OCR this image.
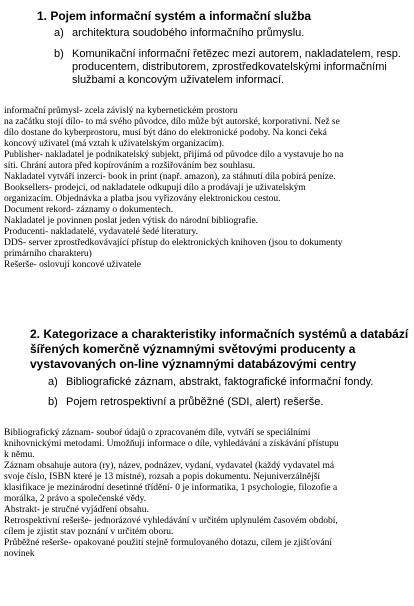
1. Pojem informační systém a informační služba
a) architektura soudobého informačního průmyslu.
b) Komunikační informační řetězec mezi autorem, nakladatelem, resp.
producentem, distributorem, zprostředkovatelskými informačními
službami a koncovým uživatelem informací.
informační průmysl- zcela závislý na kybernetickém prostoru
na začátku stojí dílo- to má svého původce, dílo může být autorské, korporativní. Než se
dílo dostane do kyberprostoru, musí být dáno do elektronické podoby. Na konci čeká
koncový uživatel (má vztah k uživatelským organizacím).
Publisher- nakladatel je podnikatelský subjekt, přijímá od původce dílo a vystavuje ho na
síti. Chrání autora před kopírováním a rozšiřováním bez souhlasu.
Nakladatel vytváří inzerci- book in print (např. amazon), za stáhnutí díla pobírá peníze.
Booksellers- prodejci, od nakladatele odkupují dílo a prodávají je uživatelským
organizacím. Objednávka a platba jsou vyřizovány elektronickou cestou.
Document rekord- záznamy o dokumentech.
Nakladatel je povinnen poslat jeden výtisk do národní bibliografie.
Producenti- nakladatelé, vydavatelé šedé literatury.
DDS- server zprostředkovávající přístup do elektronických knihoven (jsou to dokumenty
primárního charakteru)
Rešerše- oslovují koncové uživatele
2. Kategorizace a charakteristiky informačních systémů a databází
šířených komerčně významnými světovými producenty a
vystavovaných on-line významnými databázovými centry
a) Bibliografické záznam, abstrakt, faktografické informační fondy.
b) Pojem retrospektivní a průběžné (SDI, alert) rešerše.
Bibliografický záznam- souboŕ údajů o zpracovaném díle, vytváří se speciálními
knihovnickými metodami. Umožňují informace o díle, vyhledávání a získávání přístupu
k němu.
Záznam obsahuje autora (ry), název, podnázev, vydaní, vydavatel (každý vydavatel má
svoje číslo, ISBN které je 13 místné), rozsah a popis dokumentu. Nejuniverzálnější
klasifikace je mezinárodní desetinné třídění- 0 je informatika, 1 psychologie, filozofie a
morálka, 2 právo a společenské vědy.
Abstrakt- je stručné vyjádření obsahu.
Retrospektivní rešerše- jednorázové vyhledávání v určitém uplynulém časovém období,
cílem je zjistit stav poznání v určitém oboru.
Průběžné rešerše- opakované použití stejně formulovaného dotazu, cílem je zjišťování
novinek
